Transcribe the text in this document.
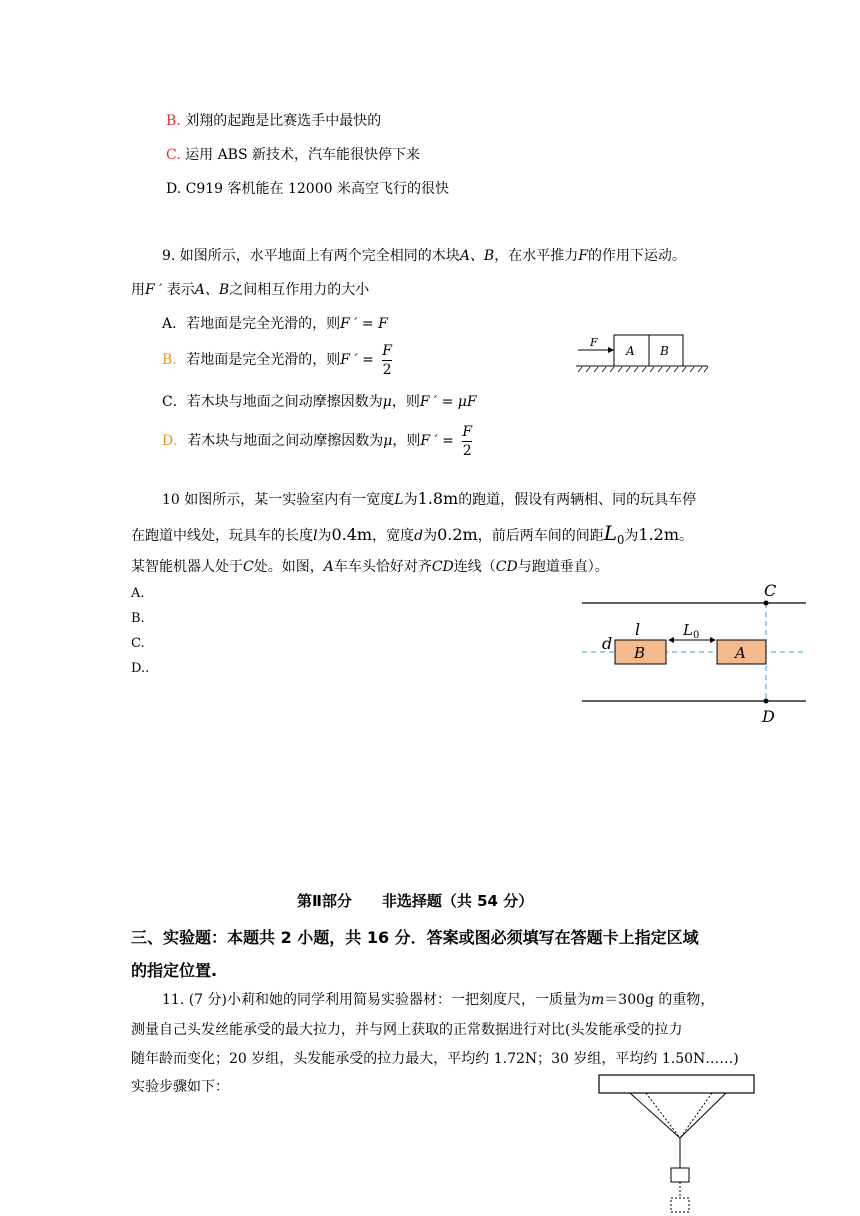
B. 刘翔的起跑是比赛选手中最快的
C. 运用 ABS 新技术，汽车能很快停下来
D. C919 客机能在 12000 米高空飞行的很快
9. 如图所示，水平地面上有两个完全相同的木块A、B，在水平推力F的作用下运动。
用F ′ 表示A、B之间相互作用力的大小
A．若地面是完全光滑的，则F ′ = F
B．若地面是完全光滑的，则F ′ = $\frac{F}{2}$
C．若木块与地面之间动摩擦因数为μ，则F ′ = μF
D．若木块与地面之间动摩擦因数为μ，则F ′ = $\frac{F}{2}$
F
A B
10 如图所示，某一实验室内有一宽度L为1.8m的跑道，假设有两辆相、同的玩具车停
在跑道中线处，玩具车的长度l为0.4m，宽度d为0.2m，前后两车间的间距$L_0$为1.2m。
某智能机器人处于C处。如图，A车车头恰好对齐CD连线（CD与跑道垂直）。
A.
B.
C.
D..
C
D
B	A
d
l	L 0
第Ⅱ部分　　非选择题（共 54 分）
三、实验题：本题共 2 小题，共 16 分．答案或图必须填写在答题卡上指定区域
的指定位置.
11. (7 分)小莉和她的同学利用简易实验器材：一把刻度尺，一质量为m＝300g 的重物，
测量自己头发丝能承受的最大拉力，并与网上获取的正常数据进行对比(头发能承受的拉力
随年龄而变化；20 岁组，头发能承受的拉力最大，平均约 1.72N；30 岁组，平均约 1.50N……)
实验步骤如下：
